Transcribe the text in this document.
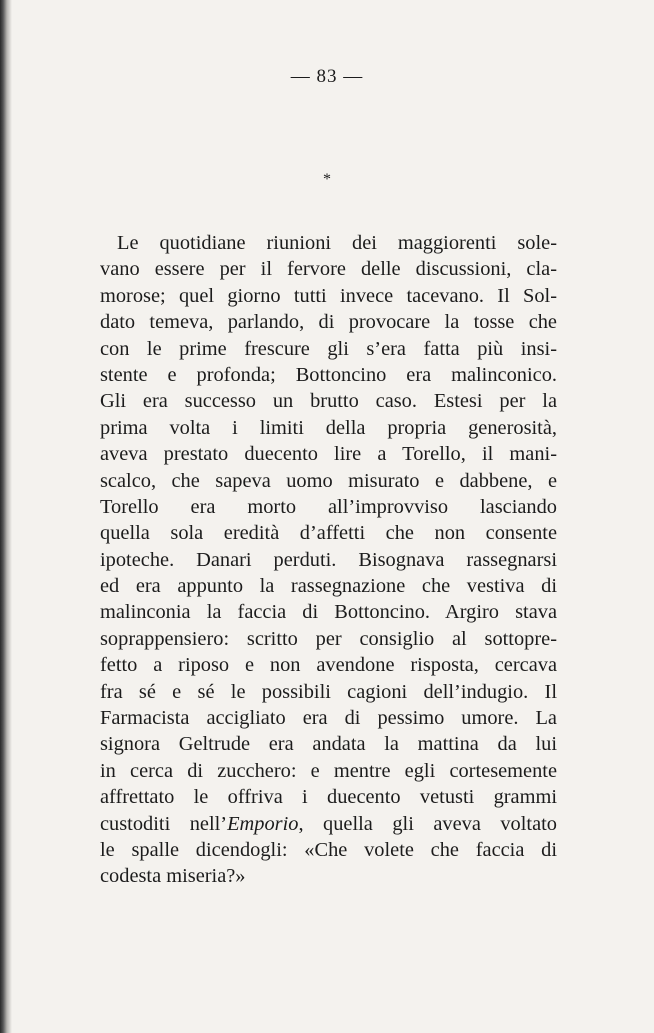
— 83 —
*
Le quotidiane riunioni dei maggiorenti sole-
vano essere per il fervore delle discussioni, cla-
morose; quel giorno tutti invece tacevano. Il Sol-
dato temeva, parlando, di provocare la tosse che
con le prime frescure gli s’era fatta più insi-
stente e profonda; Bottoncino era malinconico.
Gli era successo un brutto caso. Estesi per la
prima volta i limiti della propria generosità,
aveva prestato duecento lire a Torello, il mani-
scalco, che sapeva uomo misurato e dabbene, e
Torello era morto all’improvviso lasciando
quella sola eredità d’affetti che non consente
ipoteche. Danari perduti. Bisognava rassegnarsi
ed era appunto la rassegnazione che vestiva di
malinconia la faccia di Bottoncino. Argiro stava
soprappensiero: scritto per consiglio al sottopre-
fetto a riposo e non avendone risposta, cercava
fra sé e sé le possibili cagioni dell’indugio. Il
Farmacista accigliato era di pessimo umore. La
signora Geltrude era andata la mattina da lui
in cerca di zucchero: e mentre egli cortesemente
affrettato le offriva i duecento vetusti grammi
custoditi nell’Emporio, quella gli aveva voltato
le spalle dicendogli: «Che volete che faccia di
codesta miseria?»
